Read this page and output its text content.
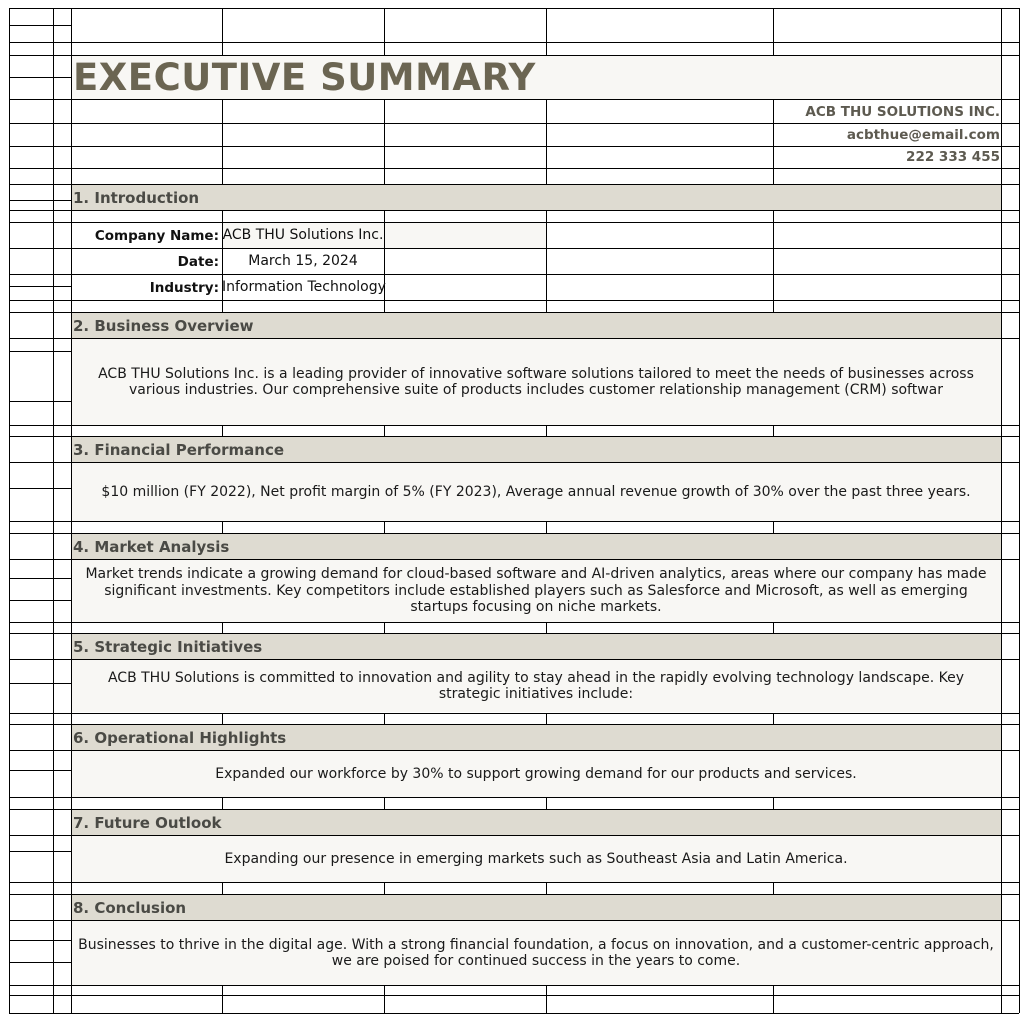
EXECUTIVE SUMMARY
ACB THU SOLUTIONS INC.
acbthue@email.com
222 333 455
1. Introduction
Company Name: ACB THU Solutions Inc.
Date:	March 15, 2024
Industry: Information Technology
2. Business Overview
ACB THU Solutions Inc. is a leading provider of innovative software solutions tailored to meet the needs of businesses across various industries. Our comprehensive suite of products includes customer relationship management (CRM) softwar
3. Financial Performance
$10 million (FY 2022), Net profit margin of 5% (FY 2023), Average annual revenue growth of 30% over the past three years.
4. Market Analysis
Market trends indicate a growing demand for cloud-based software and AI-driven analytics, areas where our company has made significant investments. Key competitors include established players such as Salesforce and Microsoft, as well as emerging startups focusing on niche markets.
5. Strategic Initiatives
ACB THU Solutions is committed to innovation and agility to stay ahead in the rapidly evolving technology landscape. Key strategic initiatives include:
6. Operational Highlights
Expanded our workforce by 30% to support growing demand for our products and services.
7. Future Outlook
Expanding our presence in emerging markets such as Southeast Asia and Latin America.
8. Conclusion
Businesses to thrive in the digital age. With a strong financial foundation, a focus on innovation, and a customer-centric approach, we are poised for continued success in the years to come.
